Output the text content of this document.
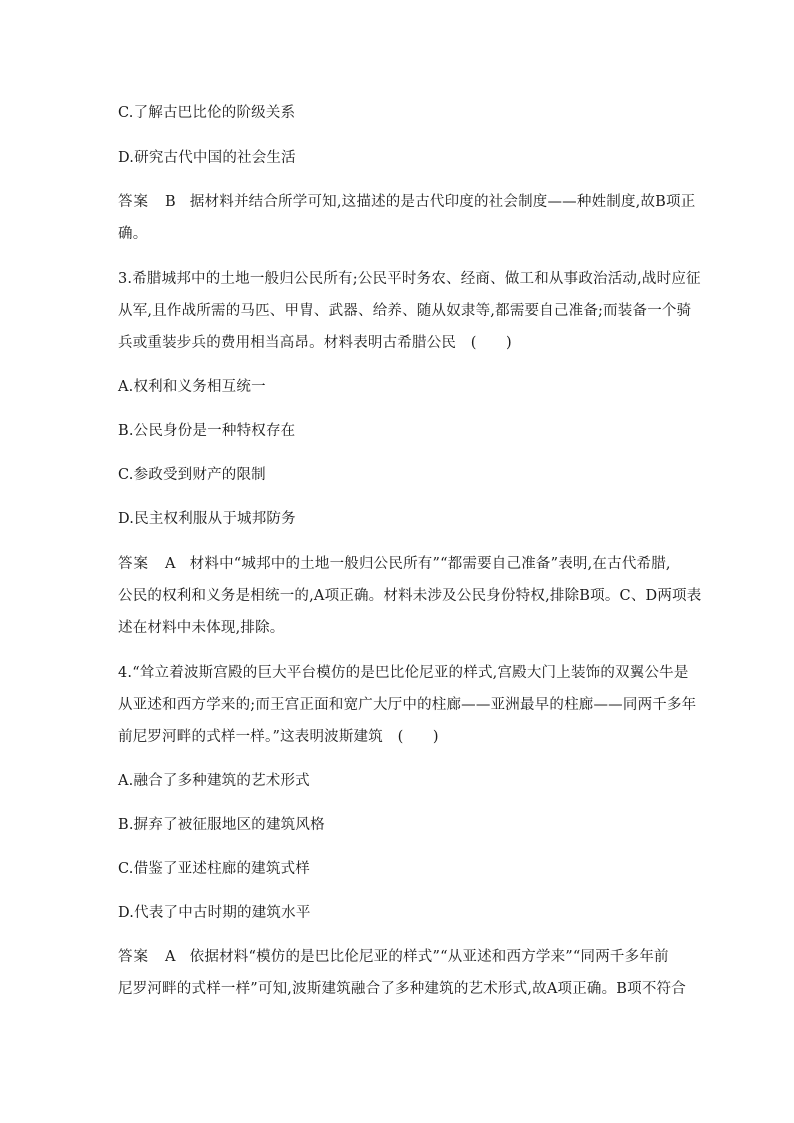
C.了解古巴比伦的阶级关系
D.研究古代中国的社会生活
答案 B 据材料并结合所学可知,这描述的是古代印度的社会制度——种姓制度,故B项正
确。
3.希腊城邦中的土地一般归公民所有;公民平时务农、经商、做工和从事政治活动,战时应征
从军,且作战所需的马匹、甲胄、武器、给养、随从奴隶等,都需要自己准备;而装备一个骑
兵或重装步兵的费用相当高昂。材料表明古希腊公民　(　　)
A.权利和义务相互统一
B.公民身份是一种特权存在
C.参政受到财产的限制
D.民主权利服从于城邦防务
答案 A 材料中“城邦中的土地一般归公民所有”“都需要自己准备”表明,在古代希腊,
公民的权利和义务是相统一的,A项正确。材料未涉及公民身份特权,排除B项。C、D两项表
述在材料中未体现,排除。
4.“耸立着波斯宫殿的巨大平台模仿的是巴比伦尼亚的样式,宫殿大门上装饰的双翼公牛是
从亚述和西方学来的;而王宫正面和宽广大厅中的柱廊——亚洲最早的柱廊——同两千多年
前尼罗河畔的式样一样。”这表明波斯建筑　(　　)
A.融合了多种建筑的艺术形式
B.摒弃了被征服地区的建筑风格
C.借鉴了亚述柱廊的建筑式样
D.代表了中古时期的建筑水平
答案 A 依据材料“模仿的是巴比伦尼亚的样式”“从亚述和西方学来”“同两千多年前
尼罗河畔的式样一样”可知,波斯建筑融合了多种建筑的艺术形式,故A项正确。B项不符合
